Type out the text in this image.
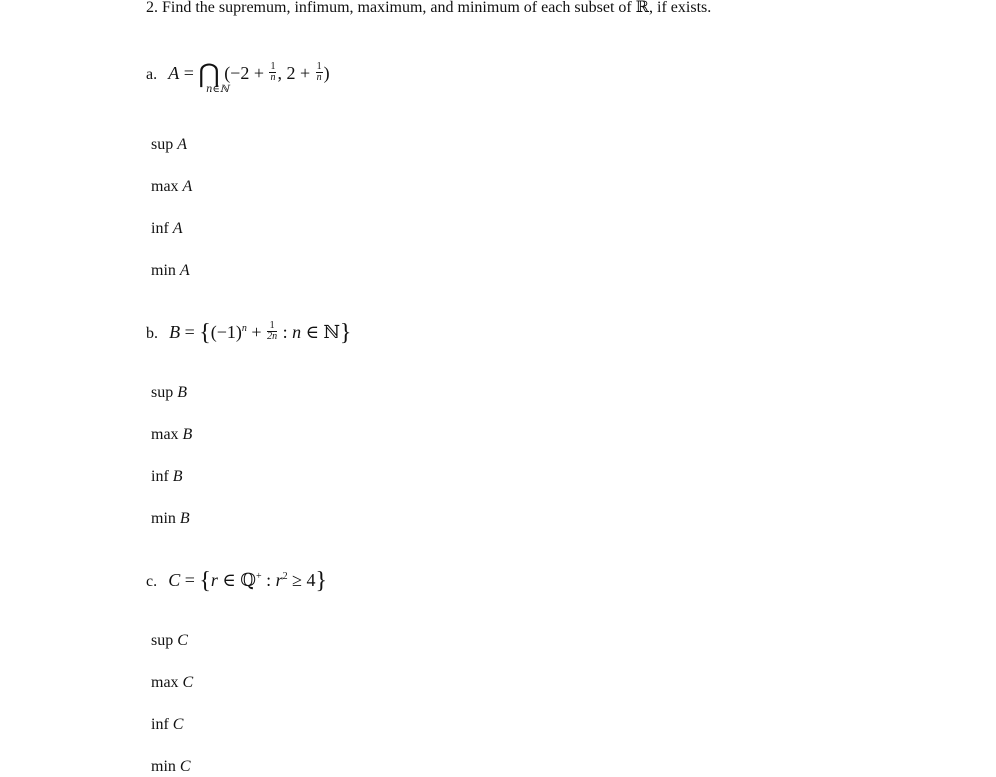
2. Find the supremum, infimum, maximum, and minimum of each subset of ℝ, if exists.
a. A = ⋂ ($-2 + \frac{1}{n}$ , $2 + \frac{1}{n}$ )
n∈ℕ
sup A
max A
inf A
min A
b. $B = \{(-1)^n + \frac{1}{2n}$ : n ∈ ℕ}
sup B
max B
inf B
min B
c. C = {r ∈ ℚ+ : $r^2 \ge 4$}
sup C
max C
inf C
min C
